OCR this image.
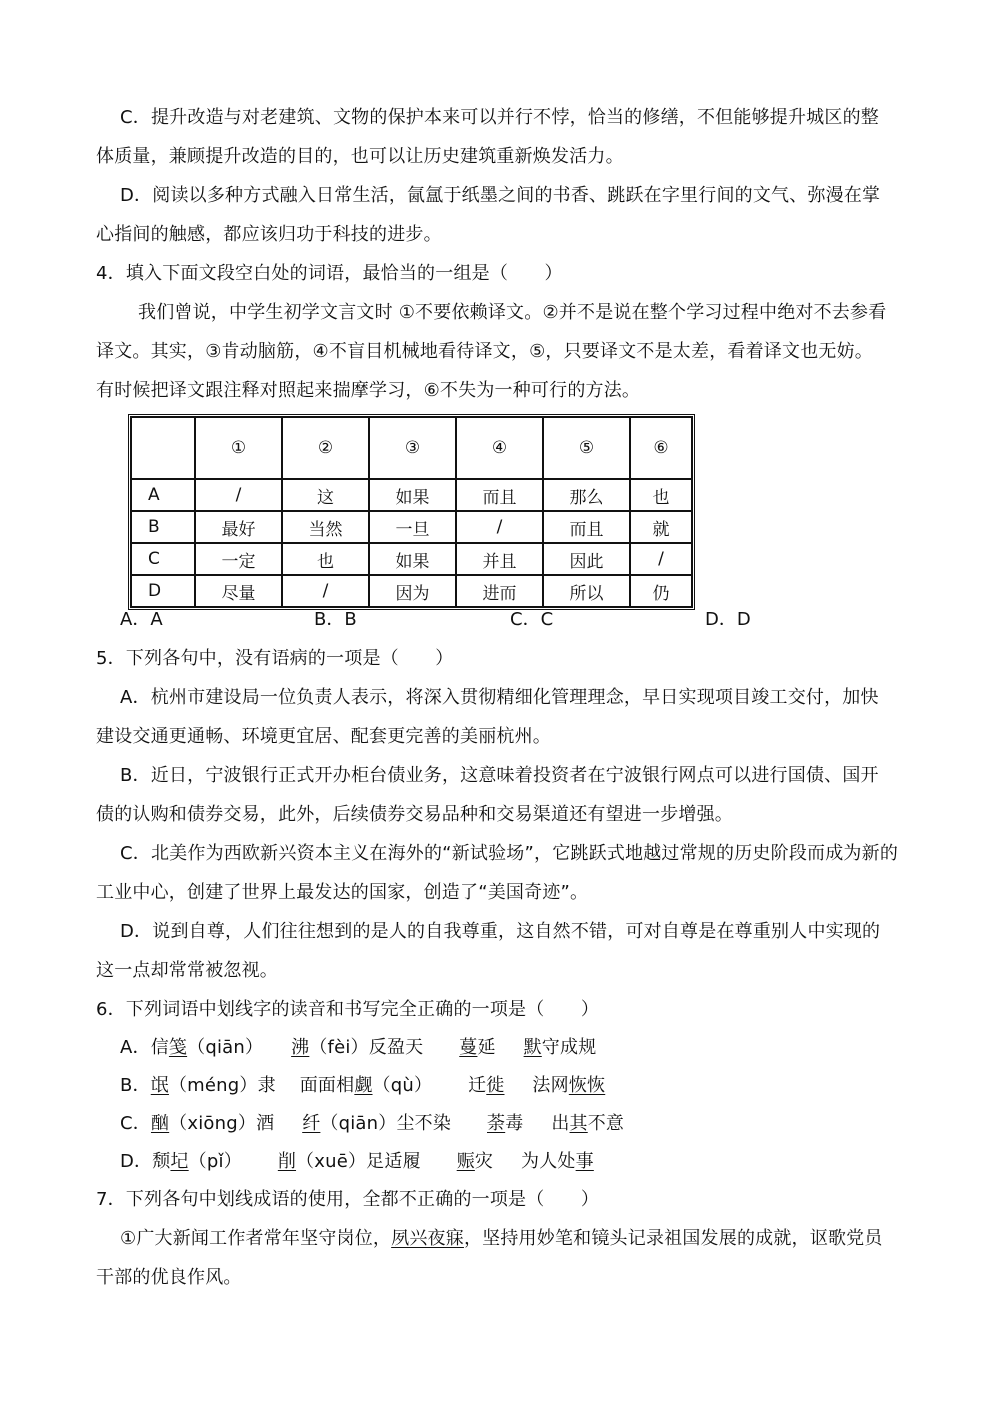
C．提升改造与对老建筑、文物的保护本来可以并行不悖，恰当的修缮，不但能够提升城区的整
体质量，兼顾提升改造的目的，也可以让历史建筑重新焕发活力。
D．阅读以多种方式融入日常生活，氤氲于纸墨之间的书香、跳跃在字里行间的文气、弥漫在掌
心指间的触感，都应该归功于科技的进步。
4．填入下面文段空白处的词语，最恰当的一组是（　　）
我们曾说，中学生初学文言文时 ①不要依赖译文。②并不是说在整个学习过程中绝对不去参看
译文。其实，③肯动脑筋，④不盲目机械地看待译文，⑤，只要译文不是太差，看着译文也无妨。
有时候把译文跟注释对照起来揣摩学习，⑥不失为一种可行的方法。
	①	②	③	④	⑤	⑥
A	/	这	如果	而且	那么	也
B	最好	当然	一旦	/	而且	就
C	一定	也	如果	并且	因此	/
D	尽量	/	因为	进而	所以	仍
A．A	B．B	C．C	D．D
5．下列各句中，没有语病的一项是（　　）
A．杭州市建设局一位负责人表示，将深入贯彻精细化管理理念，早日实现项目竣工交付，加快
建设交通更通畅、环境更宜居、配套更完善的美丽杭州。
B．近日，宁波银行正式开办柜台债业务，这意味着投资者在宁波银行网点可以进行国债、国开
债的认购和债券交易，此外，后续债券交易品种和交易渠道还有望进一步增强。
C．北美作为西欧新兴资本主义在海外的“新试验场”，它跳跃式地越过常规的历史阶段而成为新的
工业中心，创建了世界上最发达的国家，创造了“美国奇迹”。
D．说到自尊，人们往往想到的是人的自我尊重，这自然不错，可对自尊是在尊重别人中实现的
这一点却常常被忽视。
6．下列词语中划线字的读音和书写完全正确的一项是（　　）
A．信笺（qiān） 沸（fèi）反盈天 蔓延 默守成规
B．氓（méng）隶 面面相觑（qù） 迁徙 法网恢恢
C．酗（xiōng）酒 纤（qiān）尘不染 荼毒 出其不意
D．颓圮（pǐ） 削（xuē）足适履 赈灾 为人处事
7．下列各句中划线成语的使用，全都不正确的一项是（　　）
①广大新闻工作者常年坚守岗位，夙兴夜寐，坚持用妙笔和镜头记录祖国发展的成就，讴歌党员
干部的优良作风。
